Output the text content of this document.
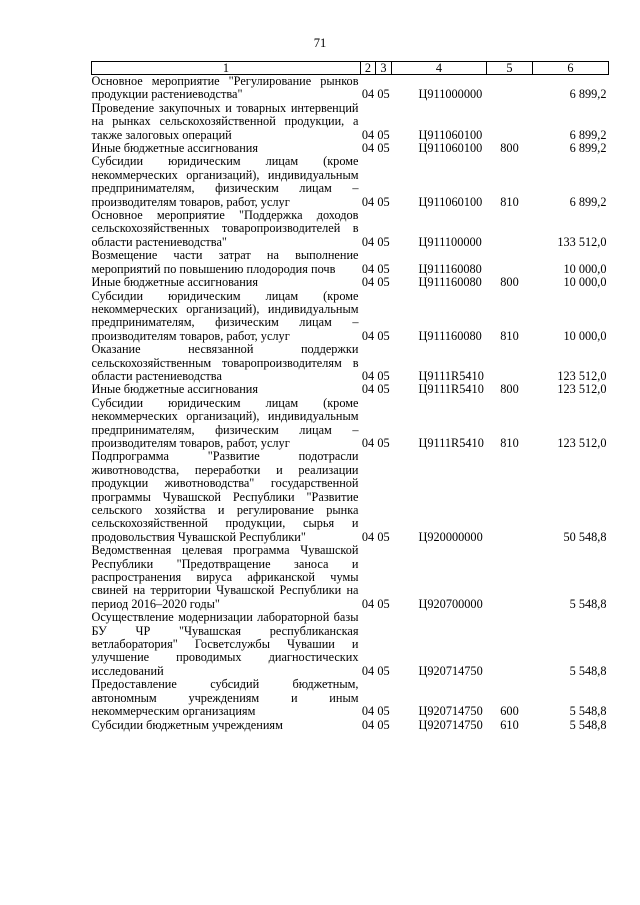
71
1	2	3	4	5	6
Основное мероприятие "Регулирование рынков продукции растениеводства"	04	05	Ц911000000		6 899,2
Проведение закупочных и товарных интервенций на рынках сельскохозяйственной продукции, а также залоговых операций	04	05	Ц911060100		6 899,2
Иные бюджетные ассигнования	04	05	Ц911060100	800	6 899,2
Субсидии юридическим лицам (кроме некоммерческих организаций), индивидуальным предпринимателям, физическим лицам – производителям товаров, работ, услуг	04	05	Ц911060100	810	6 899,2
Основное мероприятие "Поддержка доходов сельскохозяйственных товаропроизводителей в области растениеводства"	04	05	Ц911100000		133 512,0
Возмещение части затрат на выполнение мероприятий по повышению плодородия почв	04	05	Ц911160080		10 000,0
Иные бюджетные ассигнования	04	05	Ц911160080	800	10 000,0
Субсидии юридическим лицам (кроме некоммерческих организаций), индивидуальным предпринимателям, физическим лицам – производителям товаров, работ, услуг	04	05	Ц911160080	810	10 000,0
Оказание несвязанной поддержки сельскохозяйственным товаропроизводителям в области растениеводства	04	05	Ц9111R5410		123 512,0
Иные бюджетные ассигнования	04	05	Ц9111R5410	800	123 512,0
Субсидии юридическим лицам (кроме некоммерческих организаций), индивидуальным предпринимателям, физическим лицам – производителям товаров, работ, услуг	04	05	Ц9111R5410	810	123 512,0
Подпрограмма "Развитие подотрасли животноводства, переработки и реализации продукции животноводства" государственной программы Чувашской Республики "Развитие сельского хозяйства и регулирование рынка сельскохозяйственной продукции, сырья и продовольствия Чувашской Республики"	04	05	Ц920000000		50 548,8
Ведомственная целевая программа Чувашской Республики "Предотвращение заноса и распространения вируса африканской чумы свиней на территории Чувашской Республики на период 2016–2020 годы"	04	05	Ц920700000		5 548,8
Осуществление модернизации лабораторной базы БУ ЧР "Чувашская республиканская ветлаборатория" Госветслужбы Чувашии и улучшение проводимых диагностических исследований	04	05	Ц920714750		5 548,8
Предоставление субсидий бюджетным, автономным учреждениям и иным некоммерческим организациям	04	05	Ц920714750	600	5 548,8
Субсидии бюджетным учреждениям	04	05	Ц920714750	610	5 548,8
